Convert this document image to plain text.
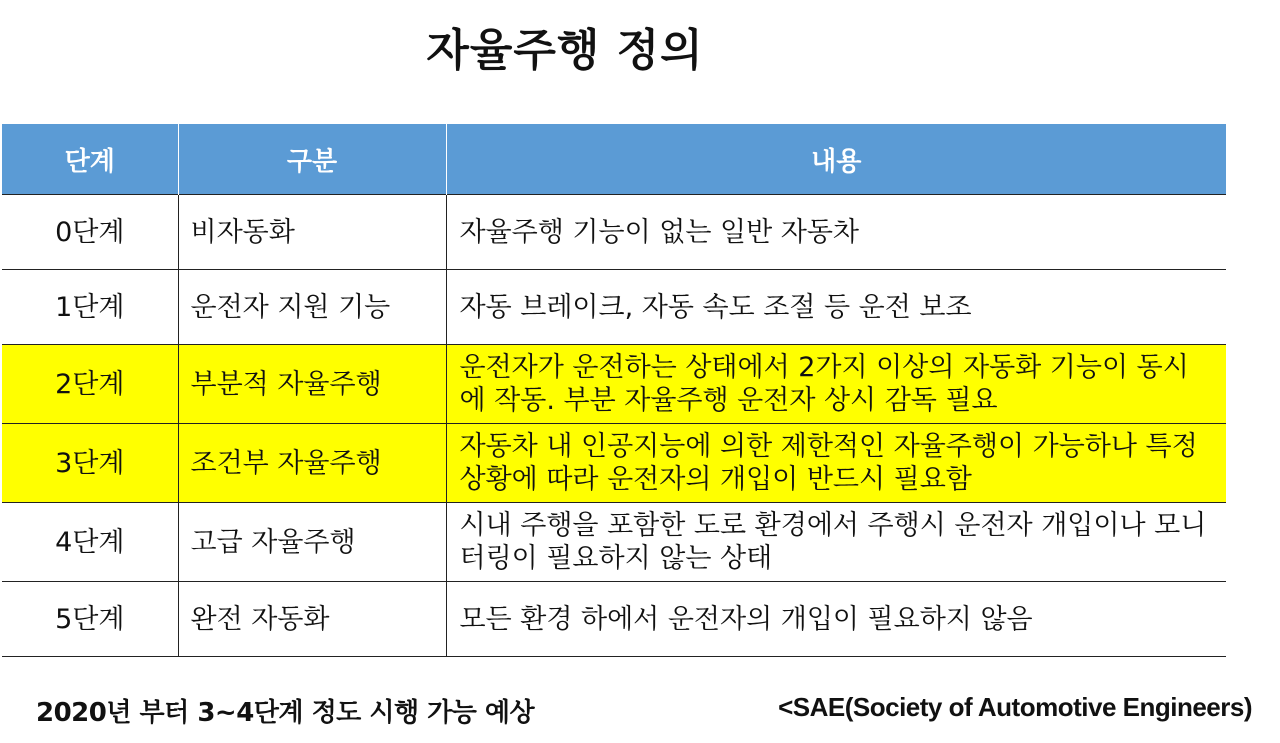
자율주행 정의
단계	구분	내용
0단계	비자동화	자율주행 기능이 없는 일반 자동차
1단계	운전자 지원 기능	자동 브레이크, 자동 속도 조절 등 운전 보조
2단계	부분적 자율주행	운전자가 운전하는 상태에서 2가지 이상의 자동화 기능이 동시에 작동. 부분 자율주행 운전자 상시 감독 필요
3단계	조건부 자율주행	자동차 내 인공지능에 의한 제한적인 자율주행이 가능하나 특정 상황에 따라 운전자의 개입이 반드시 필요함
4단계	고급 자율주행	시내 주행을 포함한 도로 환경에서 주행시 운전자 개입이나 모니터링이 필요하지 않는 상태
5단계	완전 자동화	모든 환경 하에서 운전자의 개입이 필요하지 않음
2020년 부터 3~4단계 정도 시행 가능 예상	<SAE(Society of Automotive Engineers)
